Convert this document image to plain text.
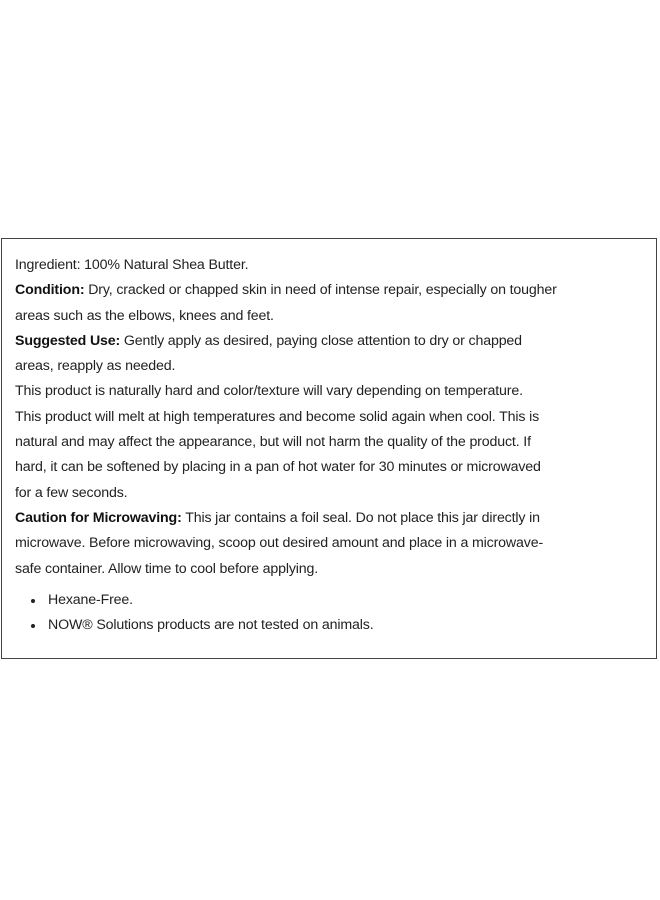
Ingredient: 100% Natural Shea Butter.
Condition: Dry, cracked or chapped skin in need of intense repair, especially on tougher
areas such as the elbows, knees and feet.
Suggested Use: Gently apply as desired, paying close attention to dry or chapped
areas, reapply as needed.
This product is naturally hard and color/texture will vary depending on temperature.
This product will melt at high temperatures and become solid again when cool. This is
natural and may affect the appearance, but will not harm the quality of the product. If
hard, it can be softened by placing in a pan of hot water for 30 minutes or microwaved
for a few seconds.
Caution for Microwaving: This jar contains a foil seal. Do not place this jar directly in
microwave. Before microwaving, scoop out desired amount and place in a microwave-
safe container. Allow time to cool before applying.
Hexane-Free.
NOW® Solutions products are not tested on animals.
